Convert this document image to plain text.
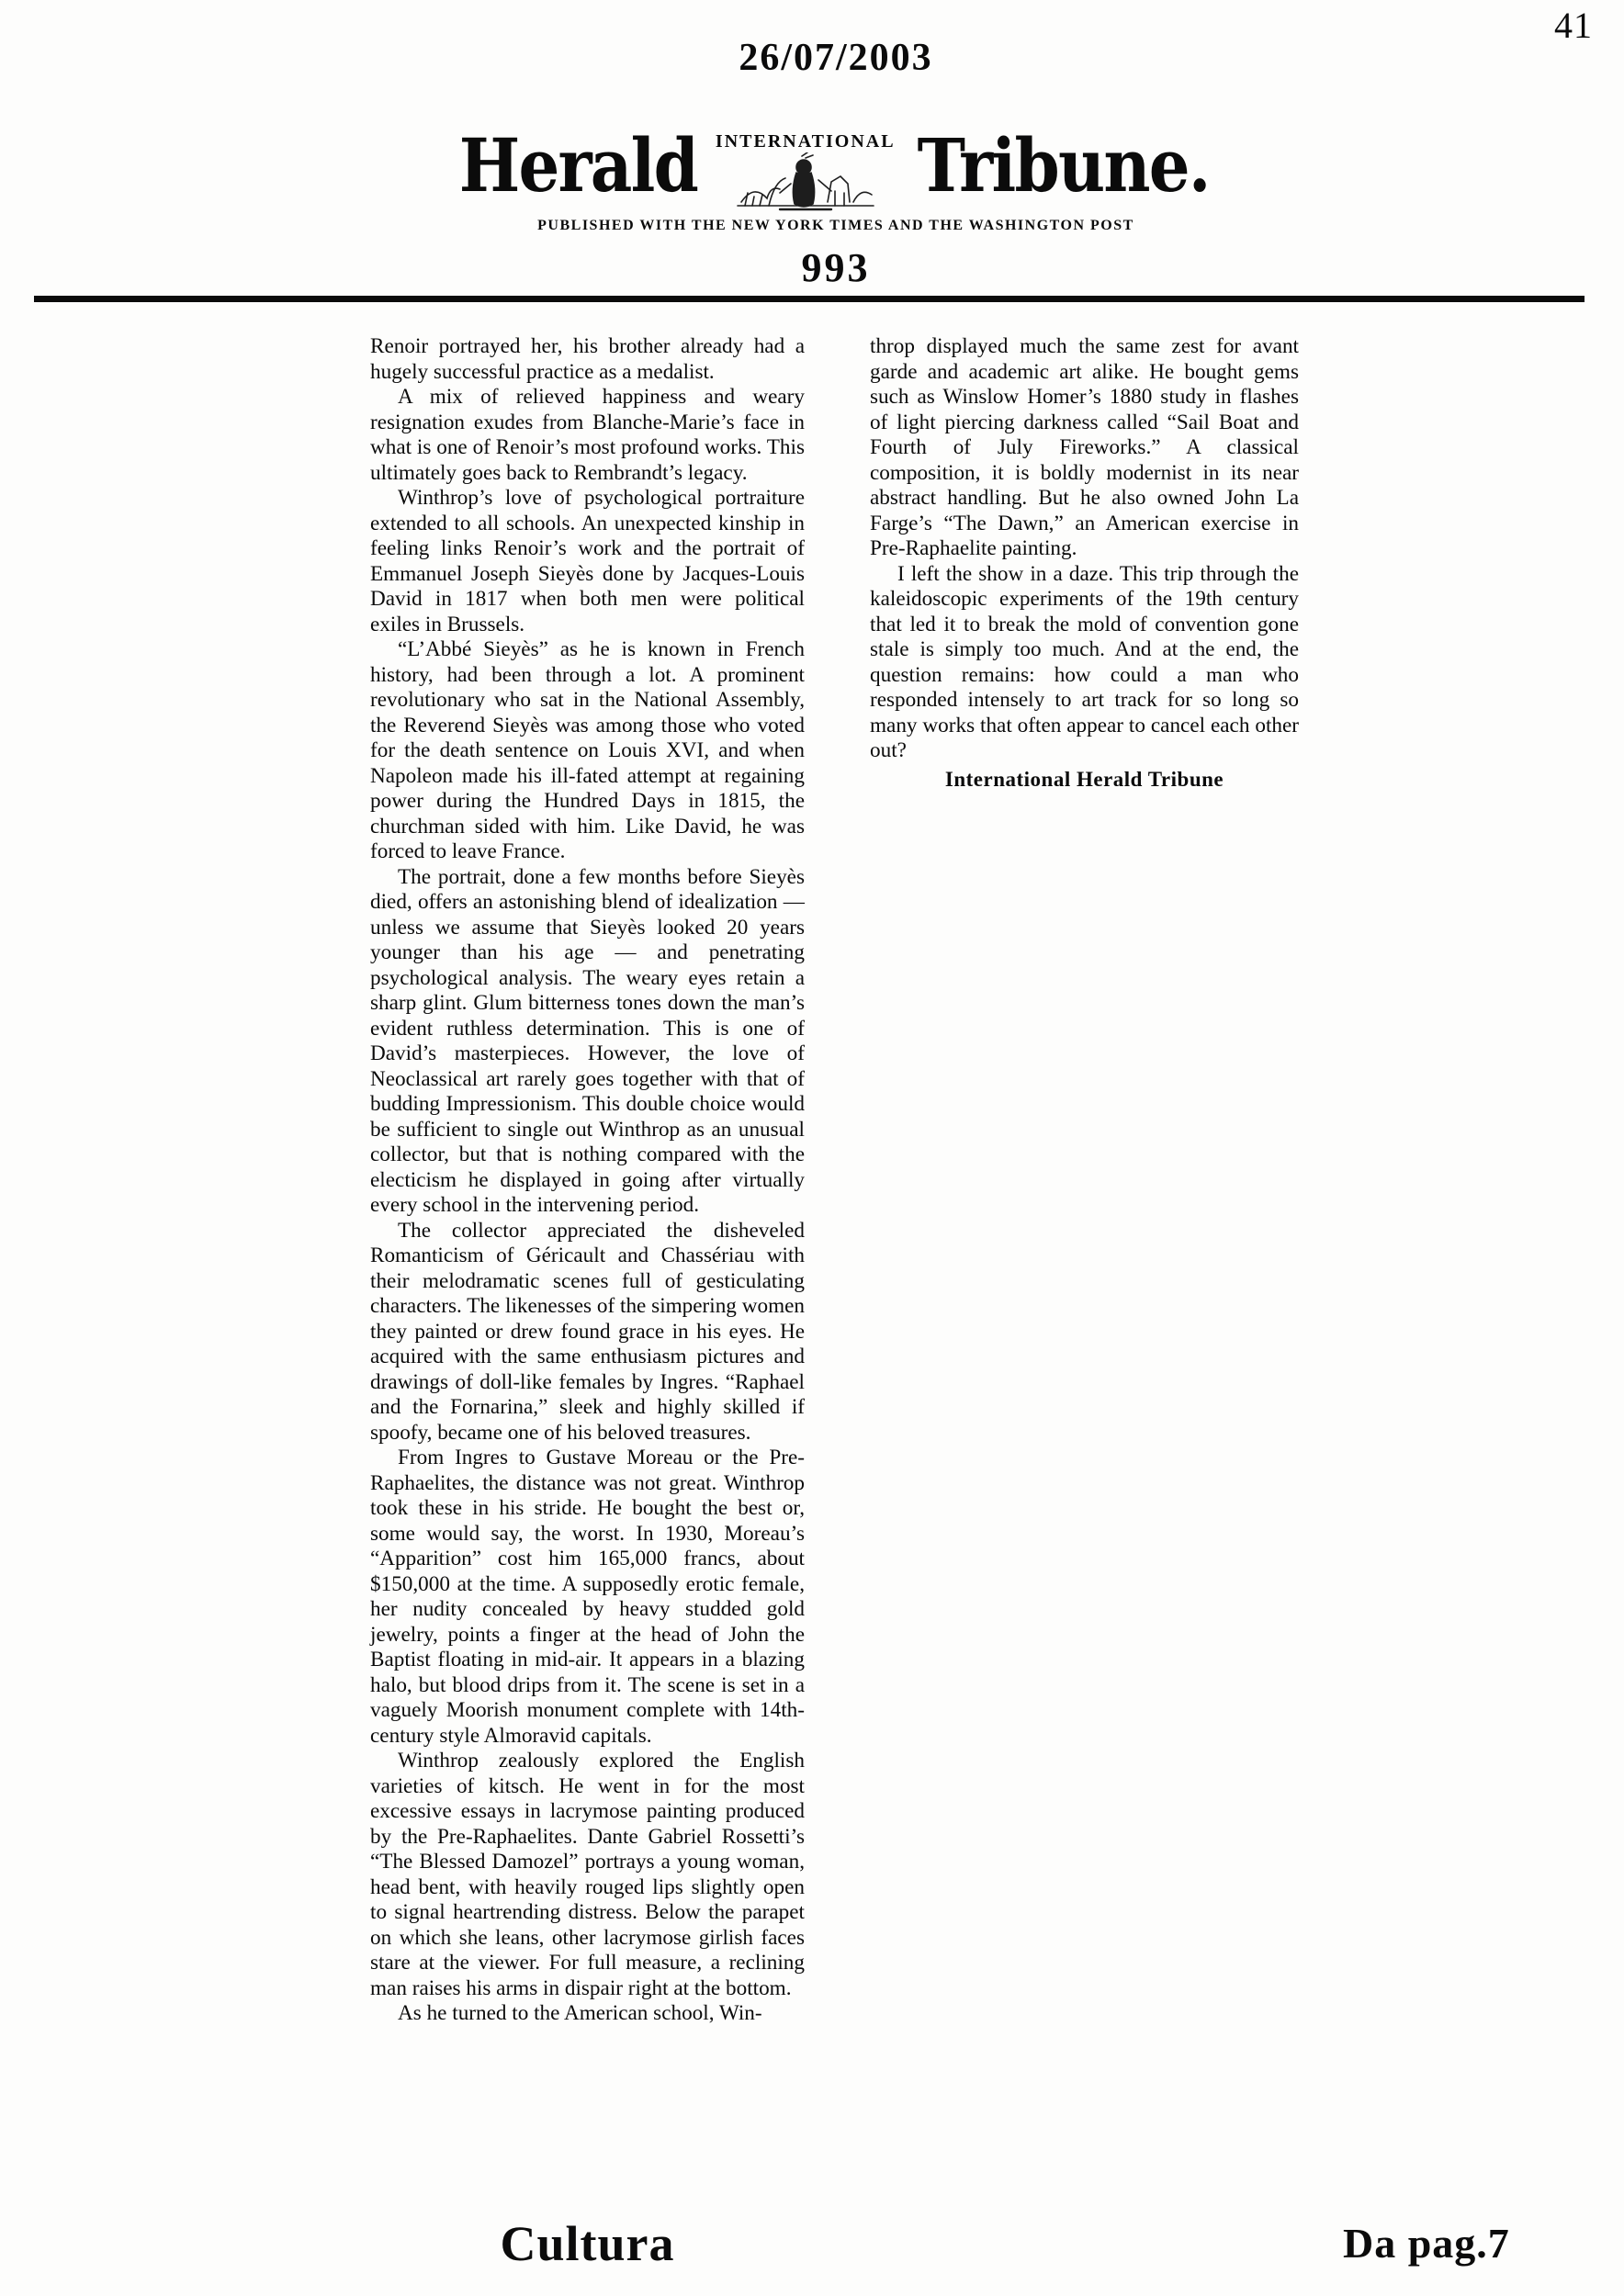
41
26/07/2003
Herald INTERNATIONAL Tribune.
PUBLISHED WITH THE NEW YORK TIMES AND THE WASHINGTON POST
993

Renoir portrayed her, his brother already had a hugely successful practice as a medalist.

A mix of relieved happiness and weary resignation exudes from Blanche-Marie’s face in what is one of Renoir’s most profound works. This ultimately goes back to Rembrandt’s legacy.

Winthrop’s love of psychological portraiture extended to all schools. An unexpected kinship in feeling links Renoir’s work and the portrait of Emmanuel Joseph Sieyès done by Jacques-Louis David in 1817 when both men were political exiles in Brussels.

“L’Abbé Sieyès” as he is known in French history, had been through a lot. A prominent revolutionary who sat in the National Assembly, the Reverend Sieyès was among those who voted for the death sentence on Louis XVI, and when Napoleon made his ill-fated attempt at regaining power during the Hundred Days in 1815, the churchman sided with him. Like David, he was forced to leave France.

The portrait, done a few months before Sieyès died, offers an astonishing blend of idealization — unless we assume that Sieyès looked 20 years younger than his age — and penetrating psychological analysis. The weary eyes retain a sharp glint. Glum bitterness tones down the man’s evident ruthless determination. This is one of David’s masterpieces. However, the love of Neoclassical art rarely goes together with that of budding Impressionism. This double choice would be sufficient to single out Winthrop as an unusual collector, but that is nothing compared with the electicism he displayed in going after virtually every school in the intervening period.

The collector appreciated the disheveled Romanticism of Géricault and Chassériau with their melodramatic scenes full of gesticulating characters. The likenesses of the simpering women they painted or drew found grace in his eyes. He acquired with the same enthusiasm pictures and drawings of doll-like females by Ingres. “Raphael and the Fornarina,” sleek and highly skilled if spoofy, became one of his beloved treasures.

From Ingres to Gustave Moreau or the Pre-Raphaelites, the distance was not great. Winthrop took these in his stride. He bought the best or, some would say, the worst. In 1930, Moreau’s “Apparition” cost him 165,000 francs, about $150,000 at the time. A supposedly erotic female, her nudity concealed by heavy studded gold jewelry, points a finger at the head of John the Baptist floating in mid-air. It appears in a blazing halo, but blood drips from it. The scene is set in a vaguely Moorish monument complete with 14th-century style Almoravid capitals.

Winthrop zealously explored the English varieties of kitsch. He went in for the most excessive essays in lacrymose painting produced by the Pre-Raphaelites. Dante Gabriel Rossetti’s “The Blessed Damozel” portrays a young woman, head bent, with heavily rouged lips slightly open to signal heartrending distress. Below the parapet on which she leans, other lacrymose girlish faces stare at the viewer. For full measure, a reclining man raises his arms in dispair right at the bottom.

As he turned to the American school, Win-

throp displayed much the same zest for avant garde and academic art alike. He bought gems such as Winslow Homer’s 1880 study in flashes of light piercing darkness called “Sail Boat and Fourth of July Fireworks.” A classical composition, it is boldly modernist in its near abstract handling. But he also owned John La Farge’s “The Dawn,” an American exercise in Pre-Raphaelite painting.

I left the show in a daze. This trip through the kaleidoscopic experiments of the 19th century that led it to break the mold of convention gone stale is simply too much. And at the end, the question remains: how could a man who responded intensely to art track for so long so many works that often appear to cancel each other out?

International Herald Tribune
Cultura	Da pag.7
